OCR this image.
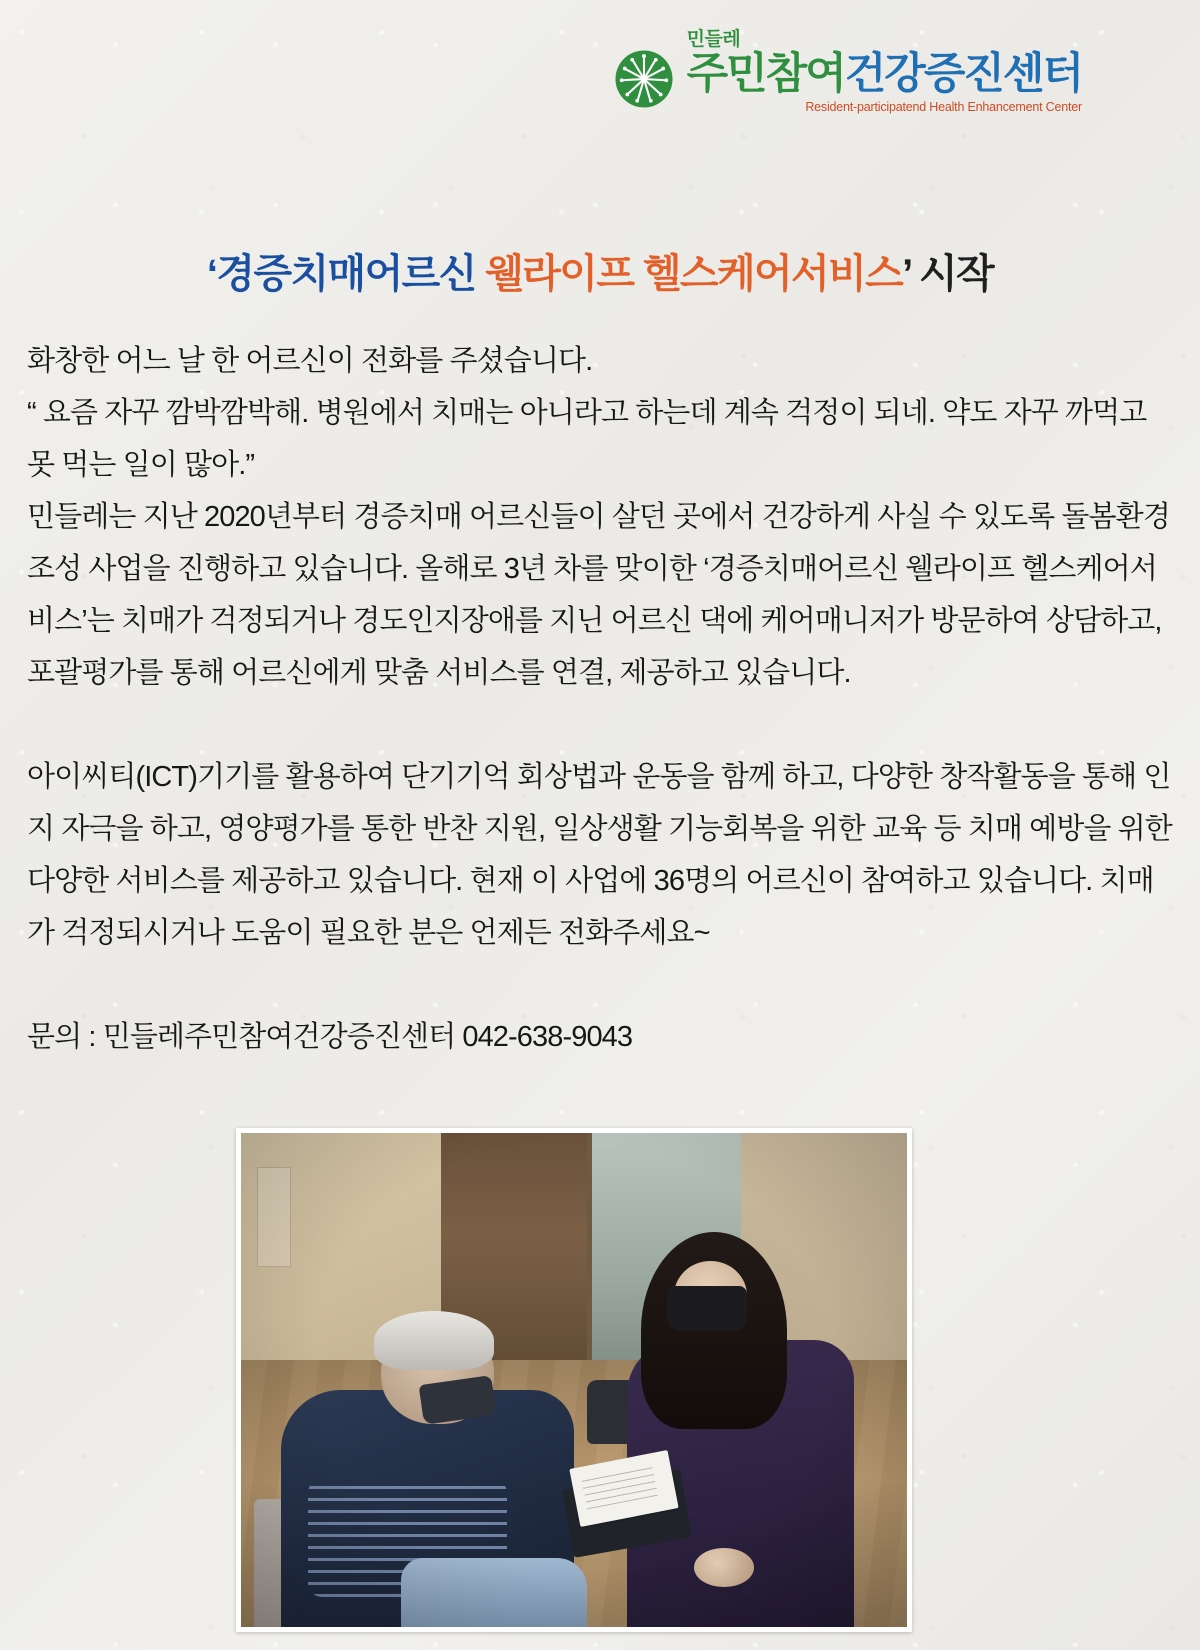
민들레
주민참여건강증진센터
Resident-participatend Health Enhancement Center
‘경증치매어르신 웰라이프 헬스케어서비스’ 시작

화창한 어느 날 한 어르신이 전화를 주셨습니다.

“ 요즘 자꾸 깜박깜박해. 병원에서 치매는 아니라고 하는데 계속 걱정이 되네. 약도 자꾸 까먹고 못 먹는 일이 많아.”

민들레는 지난 2020년부터 경증치매 어르신들이 살던 곳에서 건강하게 사실 수 있도록 돌봄환경 조성 사업을 진행하고 있습니다. 올해로 3년 차를 맞이한 ‘경증치매어르신 웰라이프 헬스케어서비스’는 치매가 걱정되거나 경도인지장애를 지닌 어르신 댁에 케어매니저가 방문하여 상담하고, 포괄평가를 통해 어르신에게 맞춤 서비스를 연결, 제공하고 있습니다.

아이씨티(ICT)기기를 활용하여 단기기억 회상법과 운동을 함께 하고, 다양한 창작활동을 통해 인지 자극을 하고, 영양평가를 통한 반찬 지원, 일상생활 기능회복을 위한 교육 등 치매 예방을 위한 다양한 서비스를 제공하고 있습니다. 현재 이 사업에 36명의 어르신이 참여하고 있습니다. 치매가 걱정되시거나 도움이 필요한 분은 언제든 전화주세요~

문의 : 민들레주민참여건강증진센터 042-638-9043
